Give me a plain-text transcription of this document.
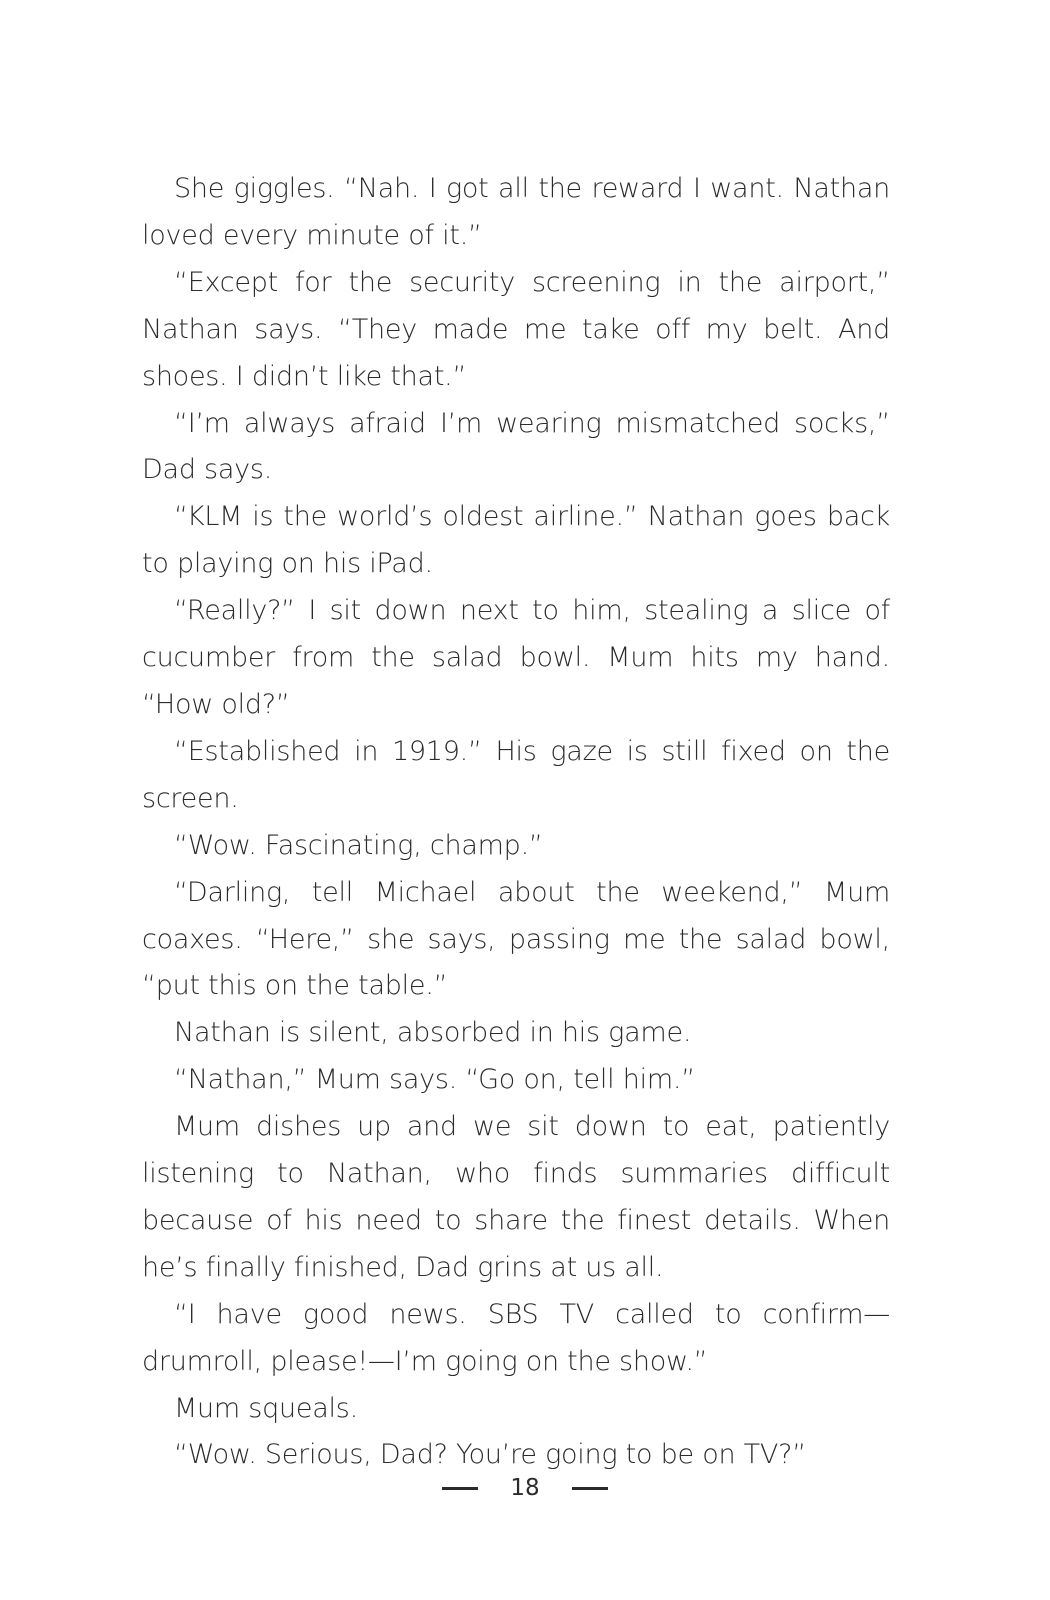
She giggles. “Nah. I got all the reward I want. Nathan loved every minute of it.”

“Except for the security screening in the airport,” Nathan says. “They made me take off my belt. And shoes. I didn’t like that.”

“I’m always afraid I’m wearing mismatched socks,” Dad says.

“KLM is the world’s oldest airline.” Nathan goes back to playing on his iPad.

“Really?” I sit down next to him, stealing a slice of cucumber from the salad bowl. Mum hits my hand. “How old?”

“Established in 1919.” His gaze is still fixed on the screen.

“Wow. Fascinating, champ.”

“Darling, tell Michael about the weekend,” Mum coaxes. “Here,” she says, passing me the salad bowl, “put this on the table.”

Nathan is silent, absorbed in his game.

“Nathan,” Mum says. “Go on, tell him.”

Mum dishes up and we sit down to eat, patiently listening to Nathan, who finds summaries difficult because of his need to share the finest details. When he’s finally finished, Dad grins at us all.

“I have good news. SBS TV called to confirm—drumroll, please!—I’m going on the show.”

Mum squeals.

“Wow. Serious, Dad? You’re going to be on TV?”

18
